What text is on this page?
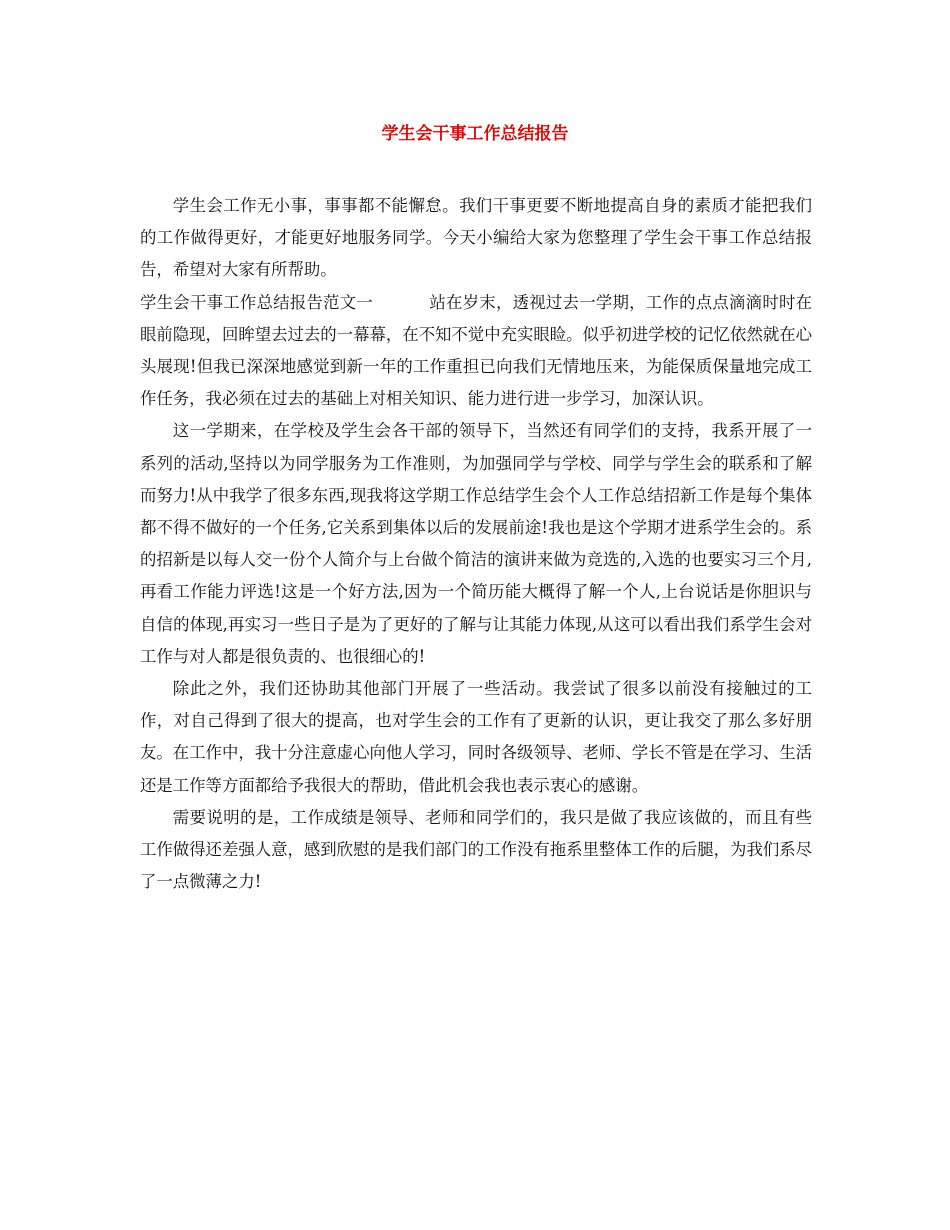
学生会干事工作总结报告

学生会工作无小事，事事都不能懈怠。我们干事更要不断地提高自身的素质才能把我们的工作做得更好，才能更好地服务同学。今天小编给大家为您整理了学生会干事工作总结报告，希望对大家有所帮助。

学生会干事工作总结报告范文一	站在岁末，透视过去一学期，工作的点点滴滴时时在眼前隐现，回眸望去过去的一幕幕，在不知不觉中充实眼睑。似乎初进学校的记忆依然就在心头展现!但我已深深地感觉到新一年的工作重担已向我们无情地压来，为能保质保量地完成工作任务，我必须在过去的基础上对相关知识、能力进行进一步学习，加深认识。

这一学期来，在学校及学生会各干部的领导下，当然还有同学们的支持，我系开展了一系列的活动,坚持以为同学服务为工作准则，为加强同学与学校、同学与学生会的联系和了解而努力!从中我学了很多东西,现我将这学期工作总结学生会个人工作总结招新工作是每个集体都不得不做好的一个任务,它关系到集体以后的发展前途!我也是这个学期才进系学生会的。系的招新是以每人交一份个人简介与上台做个简洁的演讲来做为竞选的,入选的也要实习三个月,再看工作能力评选!这是一个好方法,因为一个简历能大概得了解一个人,上台说话是你胆识与自信的体现,再实习一些日子是为了更好的了解与让其能力体现,从这可以看出我们系学生会对工作与对人都是很负责的、也很细心的!

除此之外，我们还协助其他部门开展了一些活动。我尝试了很多以前没有接触过的工作，对自己得到了很大的提高，也对学生会的工作有了更新的认识，更让我交了那么多好朋友。在工作中，我十分注意虚心向他人学习，同时各级领导、老师、学长不管是在学习、生活还是工作等方面都给予我很大的帮助，借此机会我也表示衷心的感谢。

需要说明的是，工作成绩是领导、老师和同学们的，我只是做了我应该做的，而且有些工作做得还差强人意，感到欣慰的是我们部门的工作没有拖系里整体工作的后腿，为我们系尽了一点微薄之力!
